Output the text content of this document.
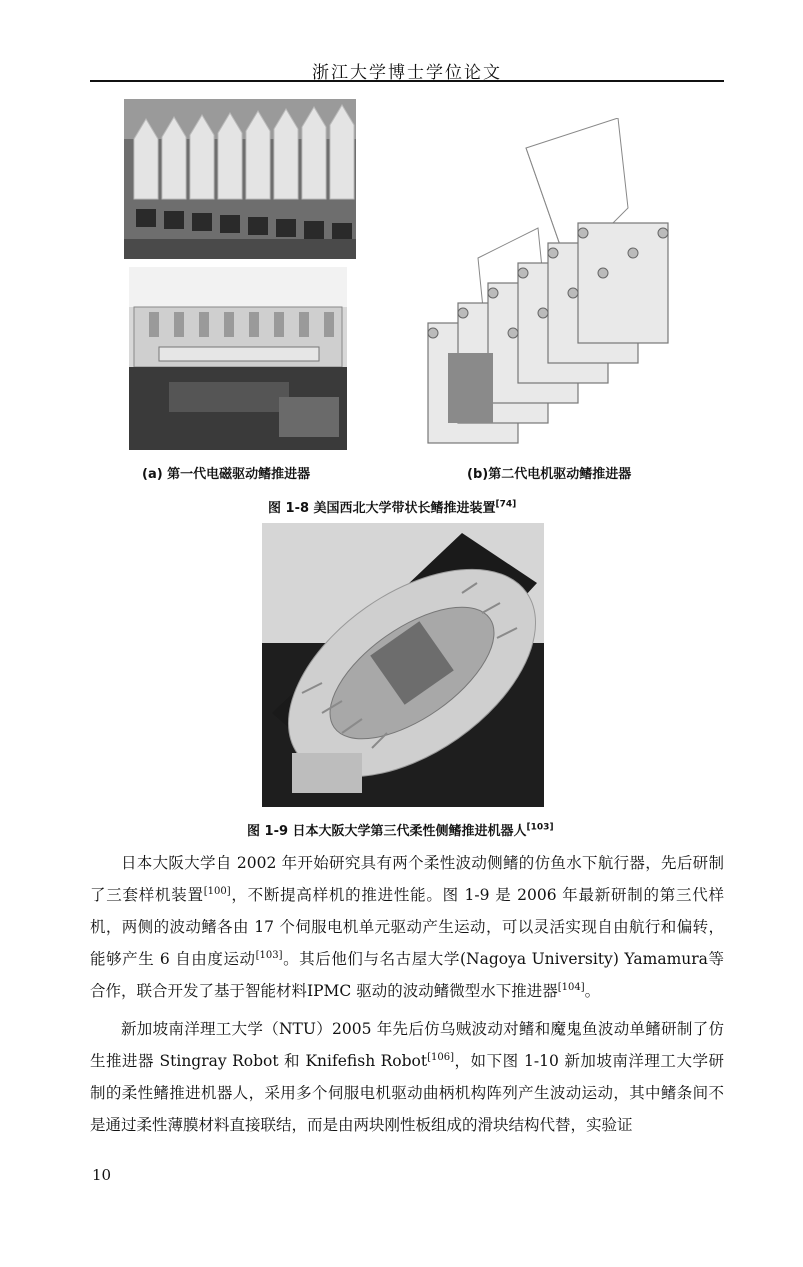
浙江大学博士学位论文
(a) 第一代电磁驱动鳍推进器	(b)第二代电机驱动鳍推进器
图 1-8 美国西北大学带状长鳍推进装置[74]
图 1-9 日本大阪大学第三代柔性侧鳍推进机器人[103]

日本大阪大学自 2002 年开始研究具有两个柔性波动侧鳍的仿鱼水下航行器，先后研制了三套样机装置[100]，不断提高样机的推进性能。图 1-9 是 2006 年最新研制的第三代样机，两侧的波动鳍各由 17 个伺服电机单元驱动产生运动，可以灵活实现自由航行和偏转，能够产生 6 自由度运动[103]。其后他们与名古屋大学(Nagoya University) Yamamura等合作，联合开发了基于智能材料IPMC 驱动的波动鳍微型水下推进器[104]。

新加坡南洋理工大学（NTU）2005 年先后仿乌贼波动对鳍和魔鬼鱼波动单鳍研制了仿生推进器 Stingray Robot 和 Knifefish Robot[106]，如下图 1-10 新加坡南洋理工大学研制的柔性鳍推进机器人，采用多个伺服电机驱动曲柄机构阵列产生波动运动，其中鳍条间不是通过柔性薄膜材料直接联结，而是由两块刚性板组成的滑块结构代替，实验证

10
